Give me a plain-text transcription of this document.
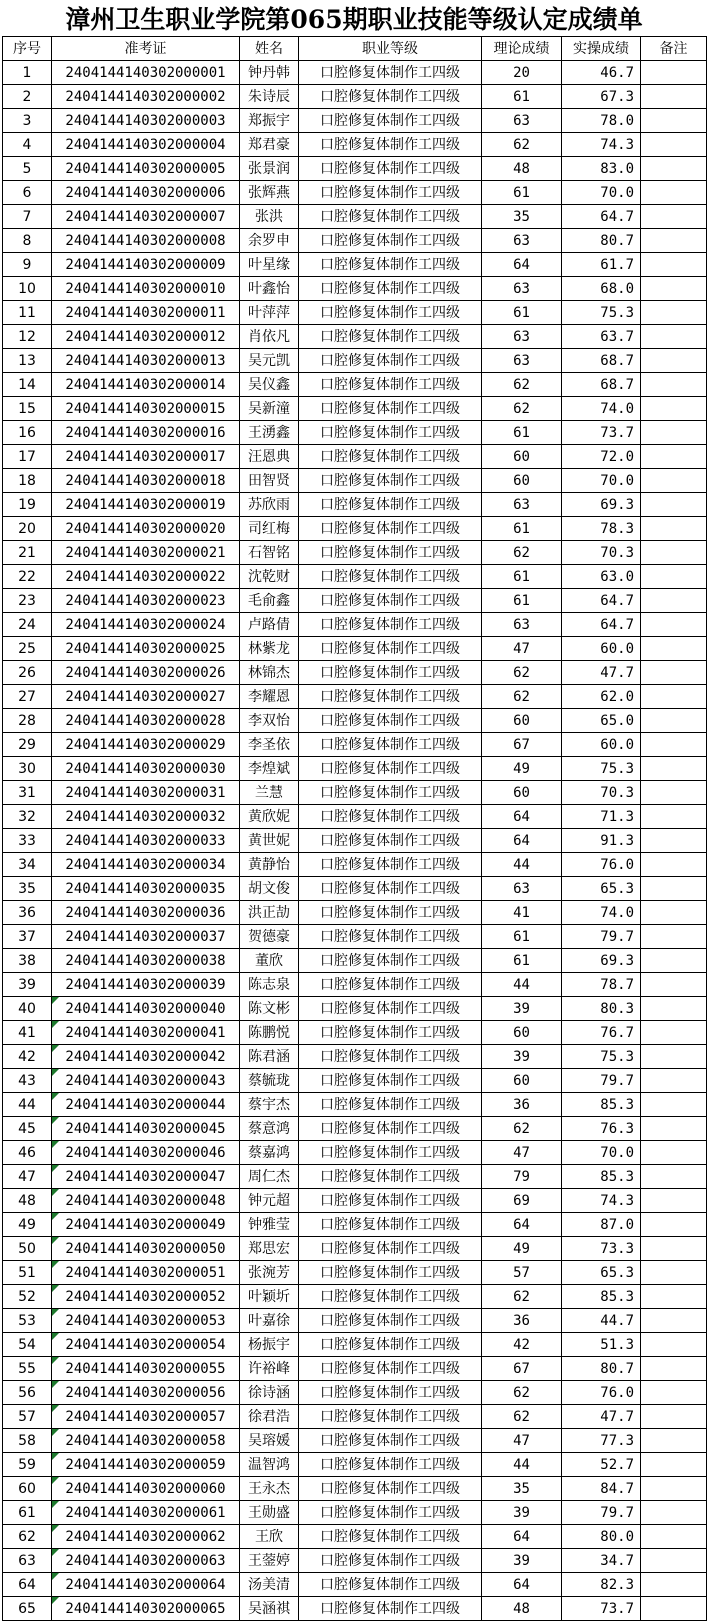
漳州卫生职业学院第065期职业技能等级认定成绩单
序号	准考证	姓名	职业等级	理论成绩	实操成绩	备注
1	2404144140302000001	钟丹韩	口腔修复体制作工四级	20	46.7	
2	2404144140302000002	朱诗辰	口腔修复体制作工四级	61	67.3	
3	2404144140302000003	郑振宇	口腔修复体制作工四级	63	78.0	
4	2404144140302000004	郑君豪	口腔修复体制作工四级	62	74.3	
5	2404144140302000005	张景润	口腔修复体制作工四级	48	83.0	
6	2404144140302000006	张辉燕	口腔修复体制作工四级	61	70.0	
7	2404144140302000007	张洪	口腔修复体制作工四级	35	64.7	
8	2404144140302000008	余罗申	口腔修复体制作工四级	63	80.7	
9	2404144140302000009	叶星缘	口腔修复体制作工四级	64	61.7	
10	2404144140302000010	叶鑫怡	口腔修复体制作工四级	63	68.0	
11	2404144140302000011	叶萍萍	口腔修复体制作工四级	61	75.3	
12	2404144140302000012	肖依凡	口腔修复体制作工四级	63	63.7	
13	2404144140302000013	吴元凯	口腔修复体制作工四级	63	68.7	
14	2404144140302000014	吴仪鑫	口腔修复体制作工四级	62	68.7	
15	2404144140302000015	吴新潼	口腔修复体制作工四级	62	74.0	
16	2404144140302000016	王湧鑫	口腔修复体制作工四级	61	73.7	
17	2404144140302000017	汪恩典	口腔修复体制作工四级	60	72.0	
18	2404144140302000018	田智贤	口腔修复体制作工四级	60	70.0	
19	2404144140302000019	苏欣雨	口腔修复体制作工四级	63	69.3	
20	2404144140302000020	司红梅	口腔修复体制作工四级	61	78.3	
21	2404144140302000021	石智铭	口腔修复体制作工四级	62	70.3	
22	2404144140302000022	沈乾财	口腔修复体制作工四级	61	63.0	
23	2404144140302000023	毛俞鑫	口腔修复体制作工四级	61	64.7	
24	2404144140302000024	卢路倩	口腔修复体制作工四级	63	64.7	
25	2404144140302000025	林紫龙	口腔修复体制作工四级	47	60.0	
26	2404144140302000026	林锦杰	口腔修复体制作工四级	62	47.7	
27	2404144140302000027	李耀恩	口腔修复体制作工四级	62	62.0	
28	2404144140302000028	李双怡	口腔修复体制作工四级	60	65.0	
29	2404144140302000029	李圣依	口腔修复体制作工四级	67	60.0	
30	2404144140302000030	李煌斌	口腔修复体制作工四级	49	75.3	
31	2404144140302000031	兰慧	口腔修复体制作工四级	60	70.3	
32	2404144140302000032	黄欣妮	口腔修复体制作工四级	64	71.3	
33	2404144140302000033	黄世妮	口腔修复体制作工四级	64	91.3	
34	2404144140302000034	黄静怡	口腔修复体制作工四级	44	76.0	
35	2404144140302000035	胡文俊	口腔修复体制作工四级	63	65.3	
36	2404144140302000036	洪正劼	口腔修复体制作工四级	41	74.0	
37	2404144140302000037	贺德豪	口腔修复体制作工四级	61	79.7	
38	2404144140302000038	董欣	口腔修复体制作工四级	61	69.3	
39	2404144140302000039	陈志泉	口腔修复体制作工四级	44	78.7	
40	2404144140302000040	陈文彬	口腔修复体制作工四级	39	80.3	
41	2404144140302000041	陈鹏悦	口腔修复体制作工四级	60	76.7	
42	2404144140302000042	陈君涵	口腔修复体制作工四级	39	75.3	
43	2404144140302000043	蔡毓珑	口腔修复体制作工四级	60	79.7	
44	2404144140302000044	蔡宇杰	口腔修复体制作工四级	36	85.3	
45	2404144140302000045	蔡意鸿	口腔修复体制作工四级	62	76.3	
46	2404144140302000046	蔡嘉鸿	口腔修复体制作工四级	47	70.0	
47	2404144140302000047	周仁杰	口腔修复体制作工四级	79	85.3	
48	2404144140302000048	钟元超	口腔修复体制作工四级	69	74.3	
49	2404144140302000049	钟雅莹	口腔修复体制作工四级	64	87.0	
50	2404144140302000050	郑思宏	口腔修复体制作工四级	49	73.3	
51	2404144140302000051	张涴芳	口腔修复体制作工四级	57	65.3	
52	2404144140302000052	叶颖圻	口腔修复体制作工四级	62	85.3	
53	2404144140302000053	叶嘉徐	口腔修复体制作工四级	36	44.7	
54	2404144140302000054	杨振宇	口腔修复体制作工四级	42	51.3	
55	2404144140302000055	许裕峰	口腔修复体制作工四级	67	80.7	
56	2404144140302000056	徐诗涵	口腔修复体制作工四级	62	76.0	
57	2404144140302000057	徐君浩	口腔修复体制作工四级	62	47.7	
58	2404144140302000058	吴瑢媛	口腔修复体制作工四级	47	77.3	
59	2404144140302000059	温智鸿	口腔修复体制作工四级	44	52.7	
60	2404144140302000060	王永杰	口腔修复体制作工四级	35	84.7	
61	2404144140302000061	王勋盛	口腔修复体制作工四级	39	79.7	
62	2404144140302000062	王欣	口腔修复体制作工四级	64	80.0	
63	2404144140302000063	王蓥婷	口腔修复体制作工四级	39	34.7	
64	2404144140302000064	汤美清	口腔修复体制作工四级	64	82.3	
65	2404144140302000065	吴涵祺	口腔修复体制作工四级	48	73.7	
